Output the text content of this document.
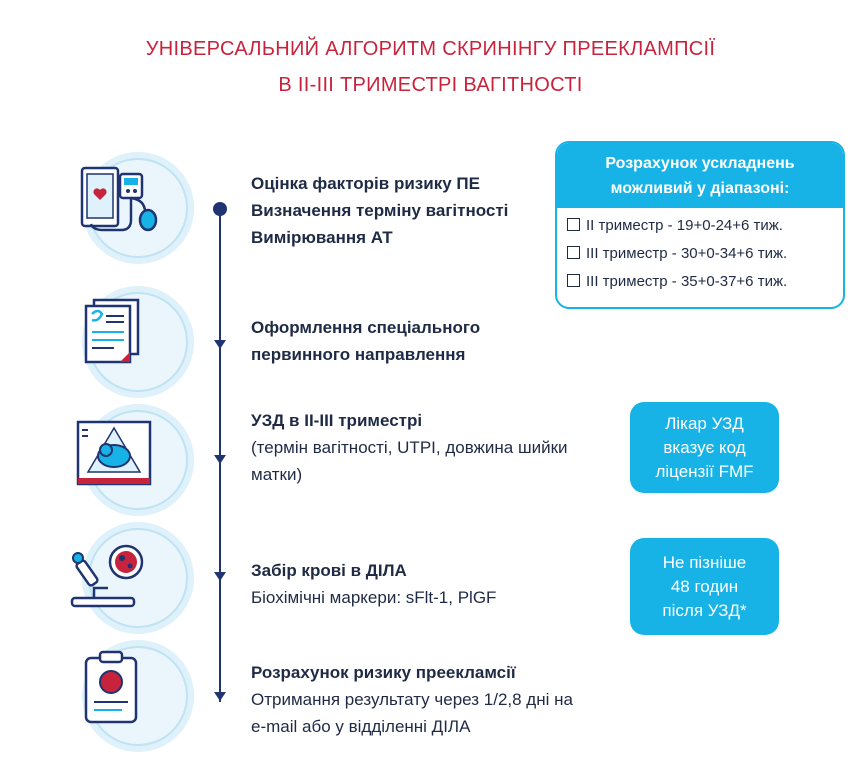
УНІВЕРСАЛЬНИЙ АЛГОРИТМ СКРИНІНГУ ПРЕЕКЛАМПСІЇ
В ІІ-ІІІ ТРИМЕСТРІ ВАГІТНОСТІ
Оцінка факторів ризику ПЕ
Визначення терміну вагітності
Вимірювання АТ
Оформлення спеціального
первинного направлення
УЗД в ІІ-ІІІ триместрі
(термін вагітності, UTPI, довжина шийки
матки)
Забір крові в ДІЛА
Біохімічні маркери: sFlt-1, PlGF
Розрахунок ризику преекламсії
Отримання результату через 1/2,8 дні на
e-mail або у відділенні ДІЛА
Розрахунок ускладнень
можливий у діапазоні:
ІІ триместр - 19+0-24+6 тиж.
ІІІ триместр - 30+0-34+6 тиж.
ІІІ триместр - 35+0-37+6 тиж.
Лікар УЗД
вказує код
ліцензії FMF
Не пізніше
48 годин
після УЗД*
